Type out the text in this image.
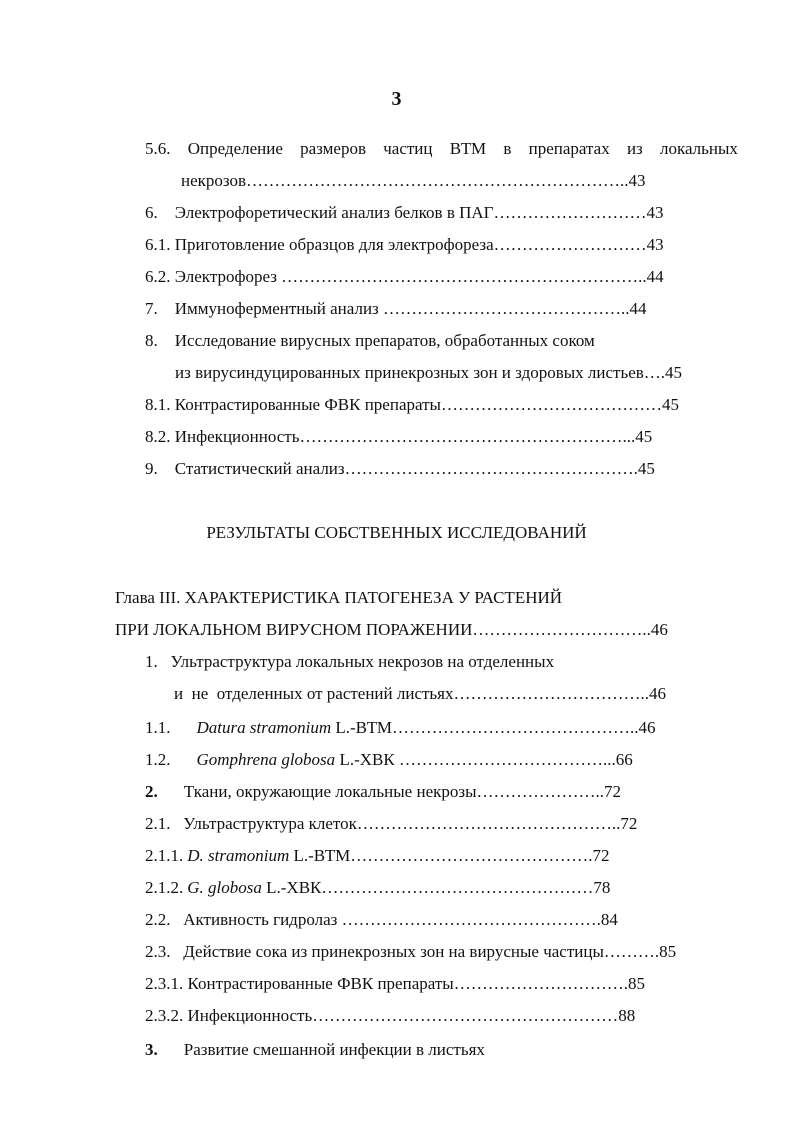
3
5.6. Определение размеров частиц ВТМ в препаратах из локальных
некрозов…………………………………………………………..43
6.    Электрофоретический анализ белков в ПАГ………………………43
6.1. Приготовление образцов для электрофореза………………………43
6.2. Электрофорез ………………………………………………………..44
7.    Иммуноферментный анализ ……………………………………..44
8.    Исследование вирусных препаратов, обработанных соком
из вирусиндуцированных принекрозных зон и здоровых листьев….45
8.1. Контрастированные ФВК препараты…………………………………45
8.2. Инфекционность…………………………………………………...45
9.    Статистический анализ…………………………………………….45
РЕЗУЛЬТАТЫ СОБСТВЕННЫХ ИССЛЕДОВАНИЙ
Глава III. ХАРАКТЕРИСТИКА ПАТОГЕНЕЗА У РАСТЕНИЙ
ПРИ ЛОКАЛЬНОМ ВИРУСНОМ ПОРАЖЕНИИ…………………………..46
1.   Ультраструктура локальных некрозов на отделенных
и  не  отделенных от растений листьях……………………………..46
1.1. Datura stramonium L.-ВТМ……………………………………..46
1.2. Gomphrena globosa L.-ХВК ………………………………...66
2. Ткани, окружающие локальные некрозы…………………..72
2.1.   Ультраструктура клеток………………………………………..72
2.1.1. D. stramonium L.-ВТМ…………………………………….72
2.1.2. G. globosa L.-ХВК…………………………………………78
2.2.   Активность гидролаз ……………………………………….84
2.3.   Действие сока из принекрозных зон на вирусные частицы……….85
2.3.1. Контрастированные ФВК препараты………………………….85
2.3.2. Инфекционность………………………………………………88
3. Развитие смешанной инфекции в листьях
